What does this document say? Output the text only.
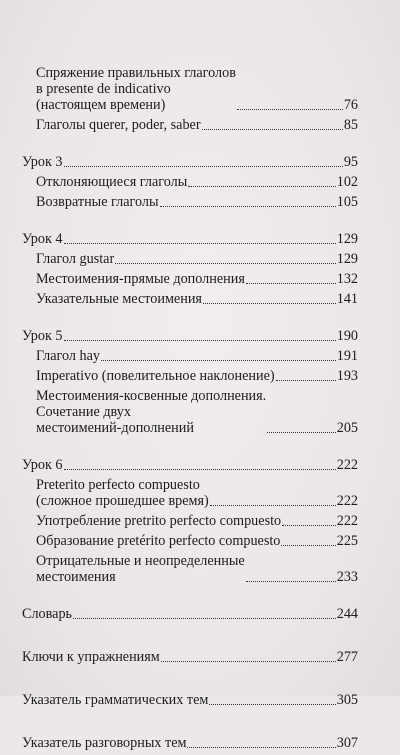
Спряжение правильных глаголов
в presente de indicativo
(настоящем времени)	76
Глаголы querer, poder, saber	85
Урок 3	95
Отклоняющиеся глаголы	102
Возвратные глаголы	105
Урок 4	129
Глагол gustar	129
Местоимения-прямые дополнения	132
Указательные местоимения	141
Урок 5	190
Глагол hay	191
Imperativo (повелительное наклонение)	193
Местоимения-косвенные дополнения.
Сочетание двух
местоимений-дополнений	205
Урок 6	222
Preterito perfecto compuesto
(сложное прошедшее время)	222
Употребление pretrito perfecto compuesto	222
Образование pretérito perfecto compuesto	225
Отрицательные и неопределенные
местоимения	233
Словарь	244
Ключи к упражнениям	277
Указатель грамматических тем	305
Указатель разговорных тем	307
